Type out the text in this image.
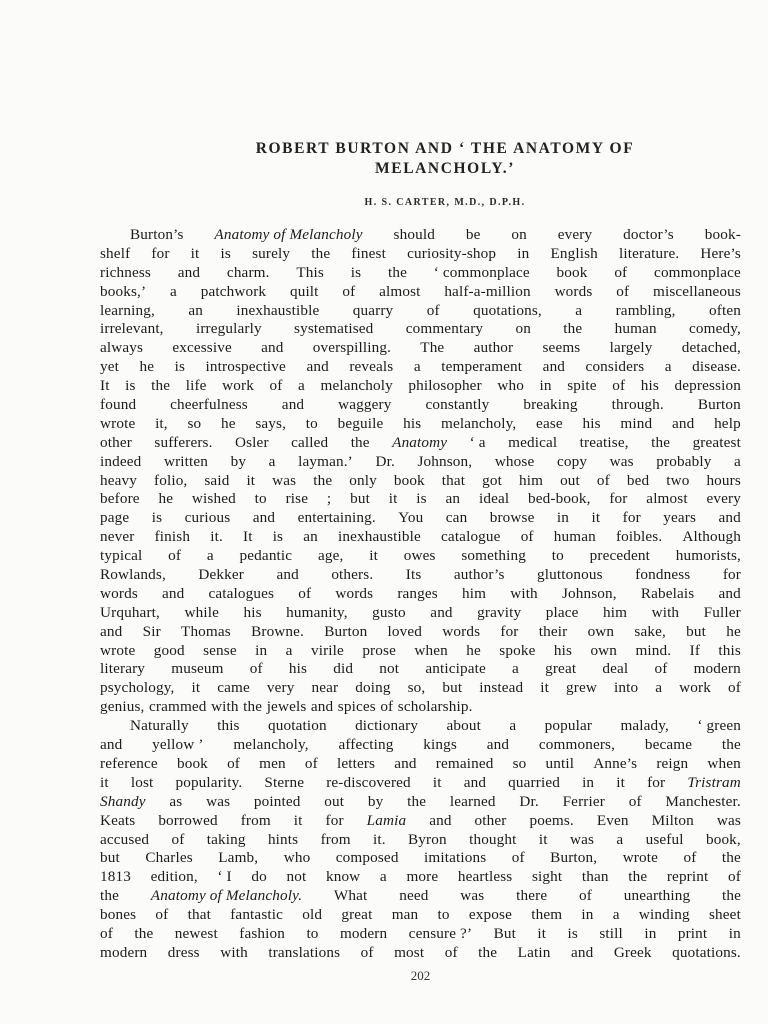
ROBERT BURTON AND ‘ THE ANATOMY OF
MELANCHOLY.’

H. S. CARTER, M.D., D.P.H.

Burton’s Anatomy of Melancholy should be on every doctor’s book-
shelf for it is surely the finest curiosity-shop in English literature. Here’s
richness and charm. This is the ‘ commonplace book of commonplace
books,’ a patchwork quilt of almost half-a-million words of miscellaneous
learning, an inexhaustible quarry of quotations, a rambling, often
irrelevant, irregularly systematised commentary on the human comedy,
always excessive and overspilling. The author seems largely detached,
yet he is introspective and reveals a temperament and considers a disease.
It is the life work of a melancholy philosopher who in spite of his depression
found cheerfulness and waggery constantly breaking through. Burton
wrote it, so he says, to beguile his melancholy, ease his mind and help
other sufferers. Osler called the Anatomy ‘ a medical treatise, the greatest
indeed written by a layman.’ Dr. Johnson, whose copy was probably a
heavy folio, said it was the only book that got him out of bed two hours
before he wished to rise ; but it is an ideal bed-book, for almost every
page is curious and entertaining. You can browse in it for years and
never finish it. It is an inexhaustible catalogue of human foibles. Although
typical of a pedantic age, it owes something to precedent humorists,
Rowlands, Dekker and others. Its author’s gluttonous fondness for
words and catalogues of words ranges him with Johnson, Rabelais and
Urquhart, while his humanity, gusto and gravity place him with Fuller
and Sir Thomas Browne. Burton loved words for their own sake, but he
wrote good sense in a virile prose when he spoke his own mind. If this
literary museum of his did not anticipate a great deal of modern
psychology, it came very near doing so, but instead it grew into a work of
genius, crammed with the jewels and spices of scholarship.
Naturally this quotation dictionary about a popular malady, ‘ green
and yellow ’ melancholy, affecting kings and commoners, became the
reference book of men of letters and remained so until Anne’s reign when
it lost popularity. Sterne re-discovered it and quarried in it for Tristram
Shandy as was pointed out by the learned Dr. Ferrier of Manchester.
Keats borrowed from it for Lamia and other poems. Even Milton was
accused of taking hints from it. Byron thought it was a useful book,
but Charles Lamb, who composed imitations of Burton, wrote of the
1813 edition, ‘ I do not know a more heartless sight than the reprint of
the Anatomy of Melancholy. What need was there of unearthing the
bones of that fantastic old great man to expose them in a winding sheet
of the newest fashion to modern censure ?’ But it is still in print in
modern dress with translations of most of the Latin and Greek quotations.

202
